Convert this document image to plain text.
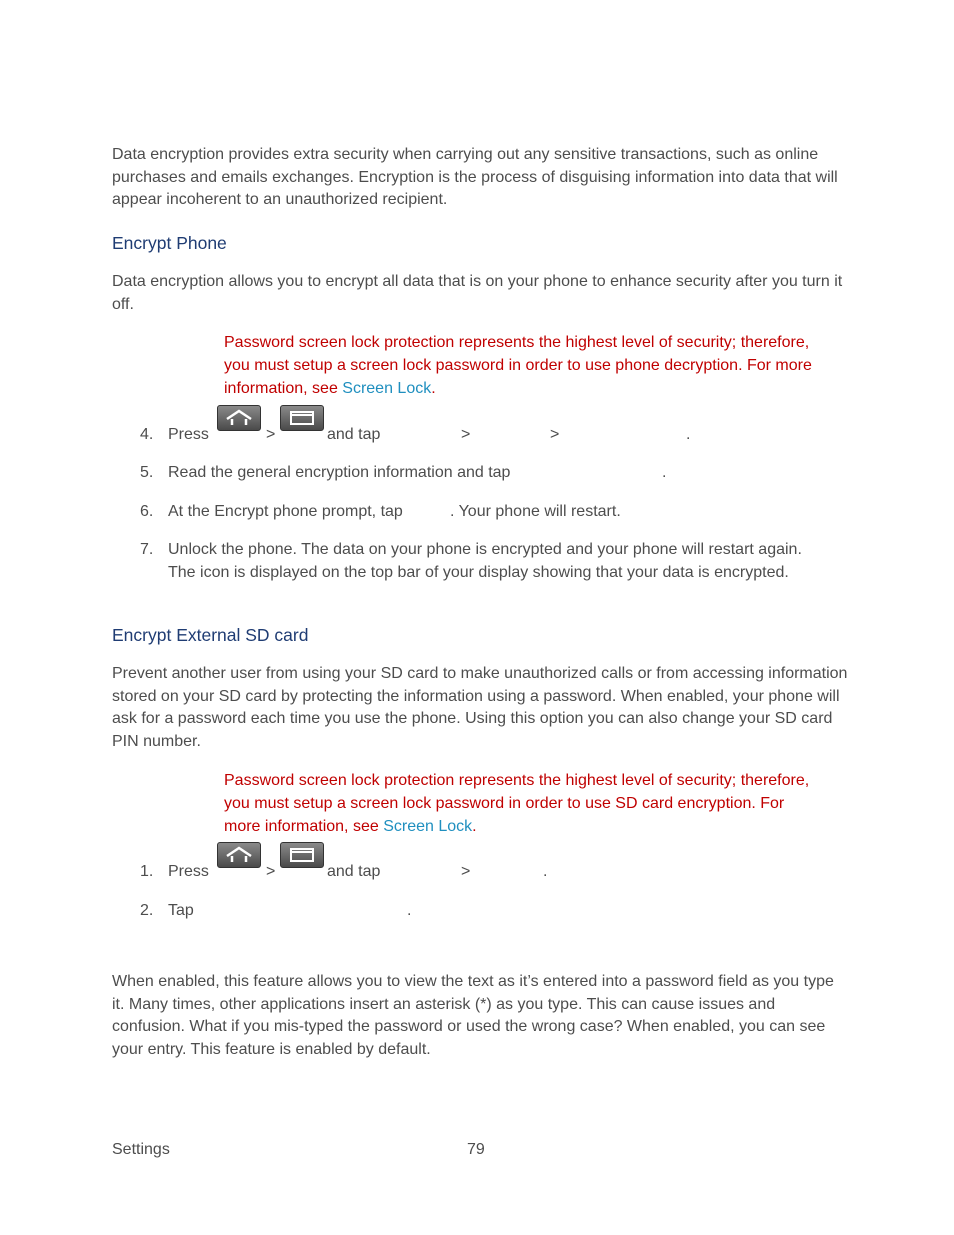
Data encryption provides extra security when carrying out any sensitive transactions, such as online purchases and emails exchanges. Encryption is the process of disguising information into data that will appear incoherent to an unauthorized recipient.

Encrypt Phone

Data encryption allows you to encrypt all data that is on your phone to enhance security after you turn it off.

Password screen lock protection represents the highest level of security; therefore, you must setup a screen lock password in order to use phone decryption. For more information, see Screen Lock.

4. Press	>	and tap	>	>	.
5. Read the general encryption information and tap	.
6. At the Encrypt phone prompt, tap	. Your phone will restart.
7. Unlock the phone. The data on your phone is encrypted and your phone will restart again. The icon is displayed on the top bar of your display showing that your data is encrypted.
Encrypt External SD card

Prevent another user from using your SD card to make unauthorized calls or from accessing information stored on your SD card by protecting the information using a password. When enabled, your phone will ask for a password each time you use the phone. Using this option you can also change your SD card PIN number.

Password screen lock protection represents the highest level of security; therefore, you must setup a screen lock password in order to use SD card encryption. For more information, see Screen Lock.

1. Press	>	and tap	>	.
2. Tap	.

When enabled, this feature allows you to view the text as it’s entered into a password field as you type it. Many times, other applications insert an asterisk (*) as you type. This can cause issues and confusion. What if you mis-typed the password or used the wrong case? When enabled, you can see your entry. This feature is enabled by default.

Settings	79
